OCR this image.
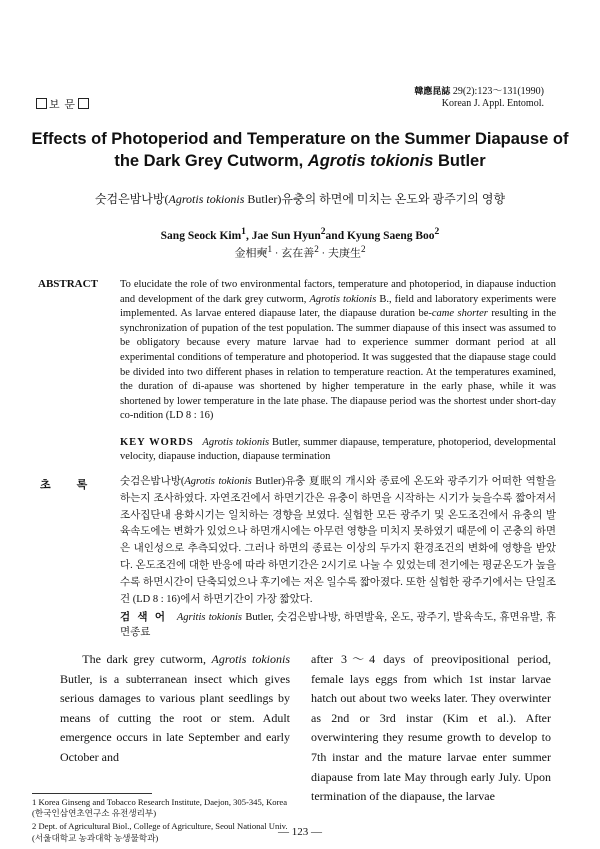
보 문
韓應昆誌 29(2):123～131(1990)
Korean J. Appl. Entomol.
Effects of Photoperiod and Temperature on the Summer Diapause of
the Dark Grey Cutworm, Agrotis tokionis Butler
숫검은밤나방(Agrotis tokionis Butler)유충의 하면에 미치는 온도와 광주기의 영향
Sang Seock Kim$^1$, Jae Sun Hyun$^2$and Kyung Saeng Boo$^2$
金相奭$^1$ · 玄在善$^2$ · 夫庚生$^2$
ABSTRACT To elucidate the role of two environmental factors, temperature and photoperiod, in diapause induction and development of the dark grey cutworm, Agrotis tokionis B., field and laboratory experiments were implemented. As larvae entered diapause later, the diapause duration be-came shorter resulting in the synchronization of pupation of the test population. The summer diapause of this insect was assumed to be obligatory because every mature larvae had to experience summer dormant period at all experimental conditions of temperature and photoperiod. It was suggested that the diapause stage could be divided into two different phases in relation to temperature reaction. At the temperatures examined, the duration of di-apause was shortened by higher temperature in the early phase, while it was shortened by lower temperature in the late phase. The diapause period was the shortest under short-day co-ndition (LD 8 : 16)

KEY WORDS Agrotis tokionis Butler, summer diapause, temperature, photoperiod, developmental velocity, diapause induction, diapause termination

초록 숫검은밤나방(Agrotis tokionis Butler)유충 夏眠의 개시와 종료에 온도와 광주기가 어떠한 역할을 하는지 조사하였다. 자연조건에서 하면기간은 유충이 하면을 시작하는 시기가 늦을수록 짧아져서 조사집단내 용화시기는 일치하는 경향을 보였다. 실험한 모든 광주기 및 온도조건에서 유충의 발육속도에는 변화가 있었으나 하면개시에는 아무런 영향을 미치지 못하였기 때문에 이 곤충의 하면은 내인성으로 추측되었다. 그러나 하면의 종료는 이상의 두가지 환경조건의 변화에 영향을 받았다. 온도조건에 대한 반응에 따라 하면기간은 2시기로 나눌 수 있었는데 전기에는 평균온도가 높을수록 하면시간이 단축되었으나 후기에는 저온 일수록 짧아졌다. 또한 실험한 광주기에서는 단일조건 (LD 8 : 16)에서 하면기간이 가장 짧았다.

검 색 어 Agritis tokionis Butler, 숫검은밤나방, 하면발육, 온도, 광주기, 발육속도, 휴면유발, 휴면종료

The dark grey cutworm, Agrotis tokionis Butler, is a subterranean insect which gives serious damages to various plant seedlings by means of cutting the root or stem. Adult emergence occurs in late September and early October and

after 3～4 days of preovipositional period, female lays eggs from which 1st instar larvae hatch out about two weeks later. They overwinter as 2nd or 3rd instar (Kim et al.). After overwintering they resume growth to develop to 7th instar and the mature larvae enter summer diapause from late May through early July. Upon termination of the diapause, the larvae

1 Korea Ginseng and Tobacco Research Institute, Daejon, 305-345, Korea (한국인삼연초연구소 유전생리부)

2 Dept. of Agricultural Biol., College of Agriculture, Seoul National Univ. (서울대학교 농과대학 농생물학과)	— 123 —
